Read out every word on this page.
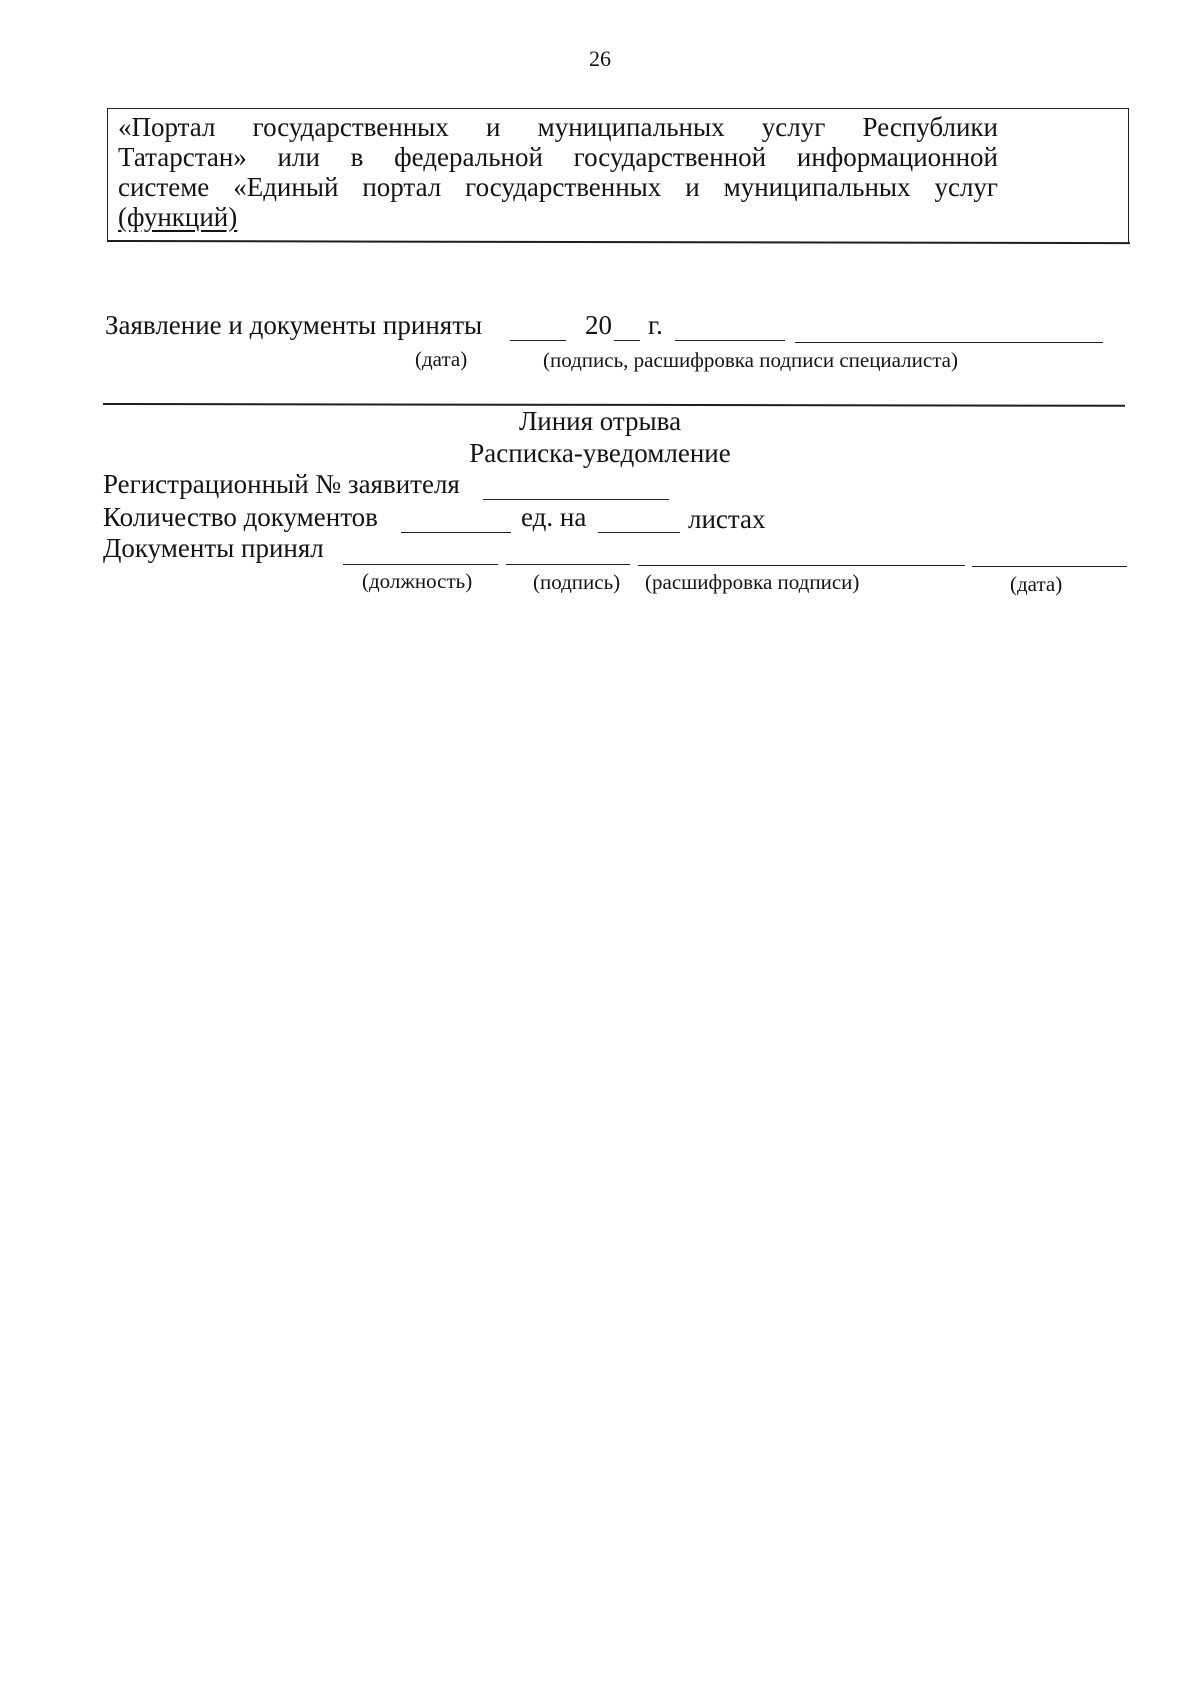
26
«Портал государственных и муниципальных услуг Республики
Татарстан» или в федеральной государственной информационной
системе «Единый портал государственных и муниципальных услуг
(функций)
Заявление и документы приняты	20 г.
(дата)	(подпись, расшифровка подписи специалиста)
Линия отрыва
Расписка-уведомление
Регистрационный № заявителя
Количество документов	ед. на	листах
Документы принял
(должность)	(подпись) (расшифровка подписи)	(дата)
